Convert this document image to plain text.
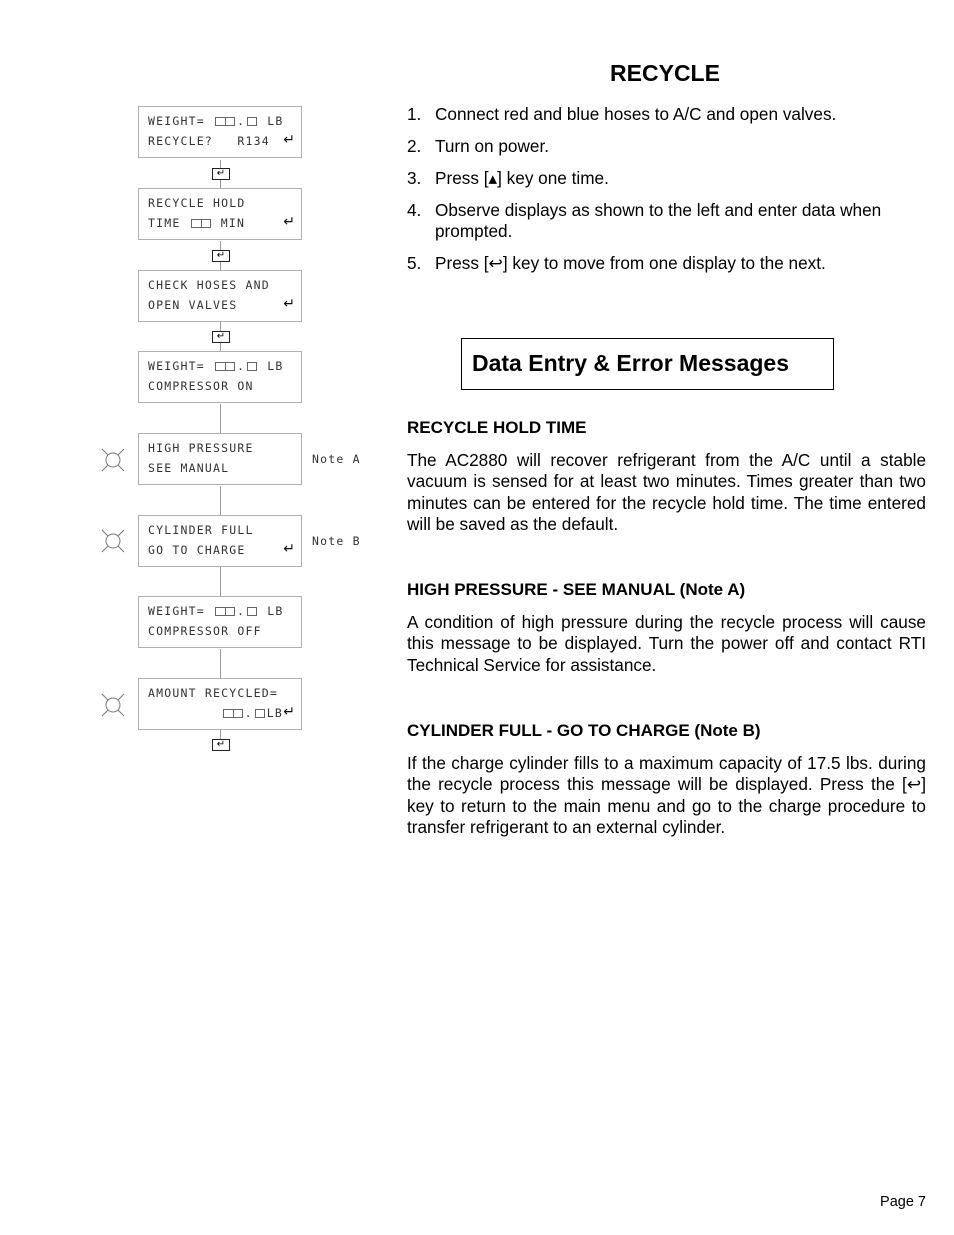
↵
↵
↵
↵
WEIGHT=	. LB
RECYCLE?   R134 ↵
RECYCLE HOLD
TIME	MIN	↵
CHECK HOSES AND
OPEN VALVES	↵
WEIGHT=	. LB
COMPRESSOR ON
HIGH PRESSURE
SEE MANUAL
Note A
CYLINDER FULL
GO TO CHARGE	↵ Note B
WEIGHT=	. LB
COMPRESSOR OFF
AMOUNT RECYCLED=
. LB ↵
RECYCLE
1. Connect red and blue hoses to A/C and open valves.
2. Turn on power.
3. Press [▴] key one time.
4. Observe displays as shown to the left and enter data when prompted.
5. Press [↩] key to move from one display to the next.
Data Entry & Error Messages
RECYCLE HOLD TIME

The AC2880 will recover refrigerant from the A/C until a stable vacuum is sensed for at least two minutes. Times greater than two minutes can be entered for the recycle hold time. The time entered will be saved as the default.

HIGH PRESSURE - SEE MANUAL (Note A)

A condition of high pressure during the recycle process will cause this message to be displayed. Turn the power off and contact RTI Technical Service for assistance.

CYLINDER FULL - GO TO CHARGE (Note B)

If the charge cylinder fills to a maximum capacity of 17.5 lbs. during the recycle process this message will be displayed. Press the [↩] key to return to the main menu and go to the charge procedure to transfer refrigerant to an external cylinder.

Page 7
